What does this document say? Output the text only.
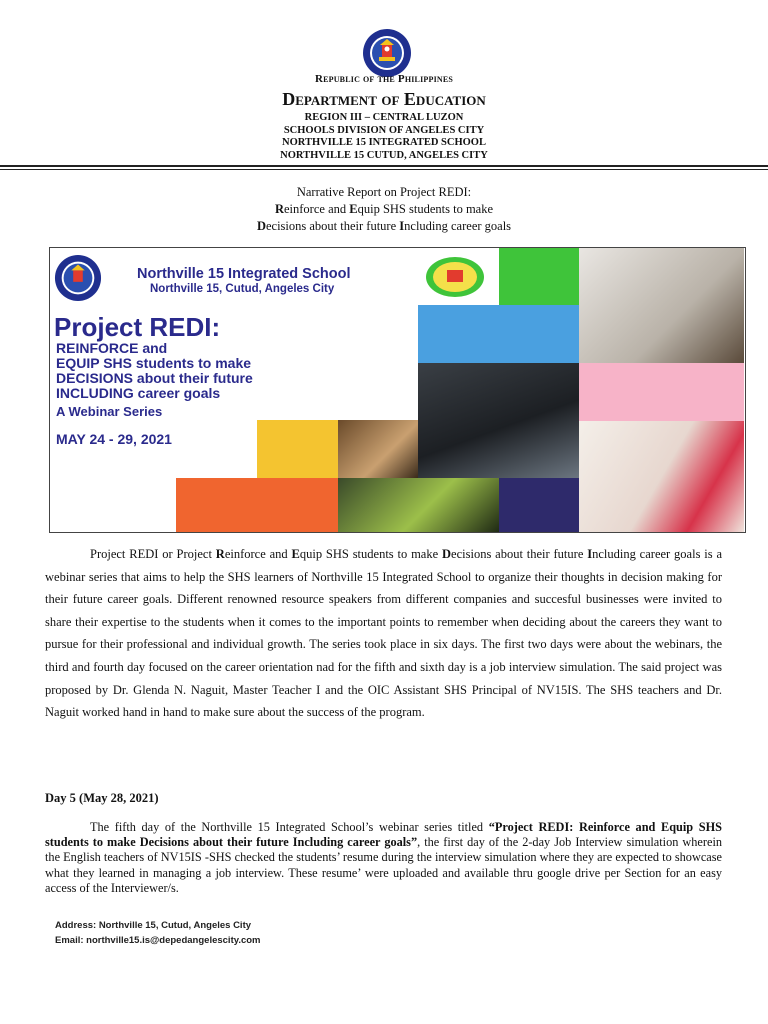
Republic of the Philippines
Department of Education
REGION III – CENTRAL LUZON
SCHOOLS DIVISION OF ANGELES CITY
NORTHVILLE 15 INTEGRATED SCHOOL
NORTHVILLE 15 CUTUD, ANGELES CITY
Narrative Report on Project REDI:
Reinforce and Equip SHS students to make
Decisions about their future Including career goals
Northville 15 Integrated School
Northville 15, Cutud, Angeles City
Project REDI:
REINFORCE and
EQUIP SHS students to make
DECISIONS about their future
INCLUDING career goals
A Webinar Series
MAY 24 - 29, 2021
Project REDI or Project Reinforce and Equip SHS students to make Decisions about their future Including career goals is a webinar series that aims to help the SHS learners of Northville 15 Integrated School to organize their thoughts in decision making for their future career goals. Different renowned resource speakers from different companies and succesful businesses were invited to share their expertise to the students when it comes to the important points to remember when deciding about the careers they want to pursue for their professional and individual growth. The series took place in six days. The first two days were about the webinars, the third and fourth day focused on the career orientation nad for the fifth and sixth day is a job interview simulation. The said project was proposed by Dr. Glenda N. Naguit, Master Teacher I and the OIC Assistant SHS Principal of NV15IS. The SHS teachers and Dr. Naguit worked hand in hand to make sure about the success of the program.
Day 5 (May 28, 2021)
The fifth day of the Northville 15 Integrated School’s webinar series titled “Project REDI: Reinforce and Equip SHS students to make Decisions about their future Including career goals”, the first day of the 2-day Job Interview simulation wherein the English teachers of NV15IS -SHS checked the students’ resume during the interview simulation where they are expected to showcase what they learned in managing a job interview. These resume’ were uploaded and available thru google drive per Section for an easy access of the Interviewer/s.
Address: Northville 15, Cutud, Angeles City
Email: northville15.is@depedangelescity.com
